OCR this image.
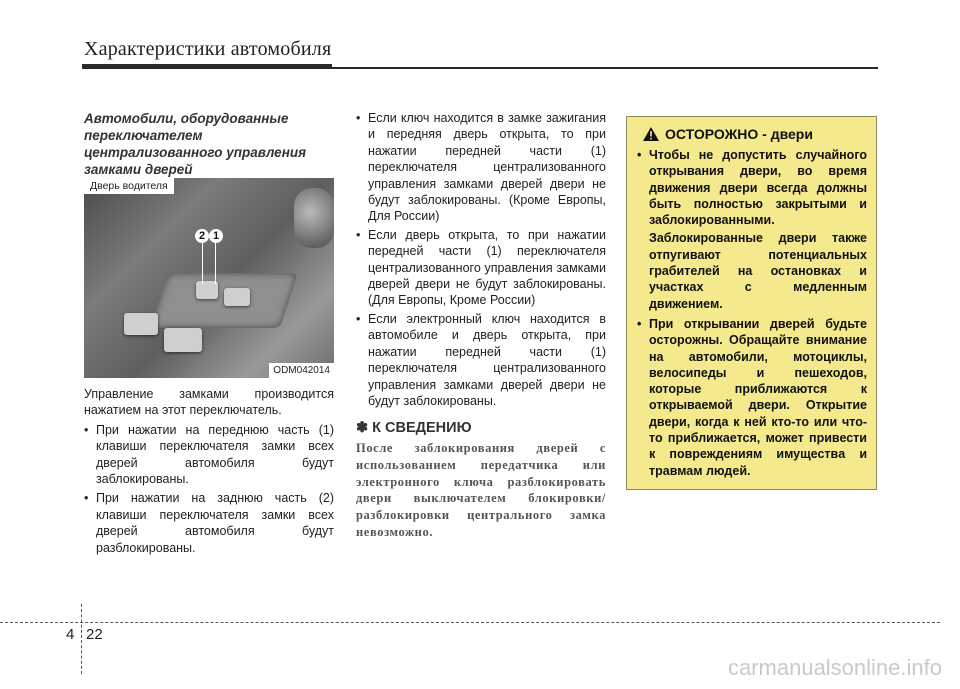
Характеристики автомобиля
Автомобили, оборудованные переключателем централизованного управления замками дверей
2 1
Дверь водителя
ODM042014
Управление замками производится нажатием на этот переключатель.
• При нажатии на переднюю часть (1) клавиши переключателя замки всех дверей автомобиля будут заблокированы.
• При нажатии на заднюю часть (2) клавиши переключателя замки всех дверей автомобиля будут разблокированы.
• Если ключ находится в замке зажигания и передняя дверь открыта, то при нажатии передней части (1) переключателя централизованного управления замками дверей двери не будут заблокированы. (Кроме Европы, Для России)
• Если дверь открыта, то при нажатии передней части (1) переключателя централизованного управления замками дверей двери не будут заблокированы. (Для Европы, Кроме России)
• Если электронный ключ находится в автомобиле и дверь открыта, при нажатии передней части (1) переключателя централизованного управления замками дверей двери не будут заблокированы.
✽ К СВЕДЕНИЮ
После заблокирования дверей с использованием передатчика или электронного ключа разблокировать двери выключателем блокировки/разблокировки центрального замка невозможно.
ОСТОРОЖНО - двери
• Чтобы не допустить случайного открывания двери, во время движения двери всегда должны быть полностью закрытыми и заблокированными.
Заблокированные двери также отпугивают потенциальных грабителей на остановках и участках с медленным движением.
• При открывании дверей будьте осторожны. Обращайте внимание на автомобили, мотоциклы, велосипеды и пешеходов, которые приближаются к открываемой двери. Открытие двери, когда к ней кто-то или что-то приближается, может привести к повреждениям имуществa и травмам людей.
4 22
carmanualsonline.info
